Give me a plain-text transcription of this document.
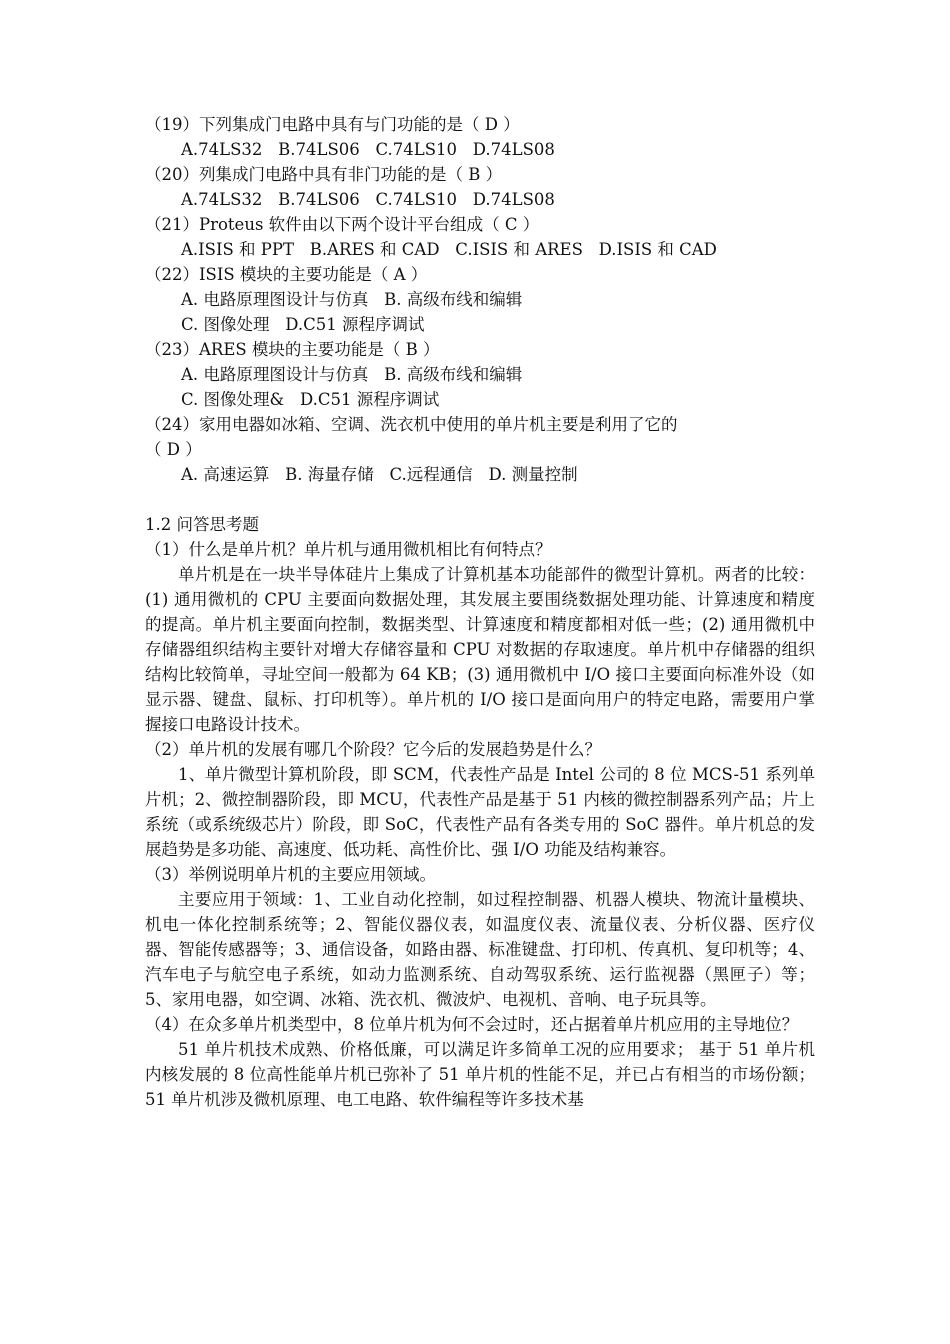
（19）下列集成门电路中具有与门功能的是（ D ）
A.74LS32   B.74LS06   C.74LS10   D.74LS08
（20）列集成门电路中具有非门功能的是（ B ）
A.74LS32   B.74LS06   C.74LS10   D.74LS08
（21）Proteus 软件由以下两个设计平台组成（ C ）
A.ISIS 和 PPT   B.ARES 和 CAD   C.ISIS 和 ARES   D.ISIS 和 CAD
（22）ISIS 模块的主要功能是（ A ）
A. 电路原理图设计与仿真   B. 高级布线和编辑
C. 图像处理   D.C51 源程序调试
（23）ARES 模块的主要功能是（ B ）
A. 电路原理图设计与仿真   B. 高级布线和编辑
C. 图像处理&   D.C51 源程序调试
（24）家用电器如冰箱、空调、洗衣机中使用的单片机主要是利用了它的
（ D ）
A. 高速运算   B. 海量存储   C.远程通信   D. 测量控制
1.2 问答思考题
（1）什么是单片机？单片机与通用微机相比有何特点？
单片机是在一块半导体硅片上集成了计算机基本功能部件的微型计算机。两者的比较：(1) 通用微机的 CPU 主要面向数据处理，其发展主要围绕数据处理功能、计算速度和精度的提高。单片机主要面向控制，数据类型、计算速度和精度都相对低一些；(2) 通用微机中存储器组织结构主要针对增大存储容量和 CPU 对数据的存取速度。单片机中存储器的组织结构比较简单，寻址空间一般都为 64 KB；(3) 通用微机中 I/O 接口主要面向标准外设（如显示器、键盘、鼠标、打印机等）。单片机的 I/O 接口是面向用户的特定电路，需要用户掌握接口电路设计技术。
（2）单片机的发展有哪几个阶段？它今后的发展趋势是什么？
1、单片微型计算机阶段，即 SCM，代表性产品是 Intel 公司的 8 位 MCS-51 系列单片机；2、微控制器阶段，即 MCU，代表性产品是基于 51 内核的微控制器系列产品；片上系统（或系统级芯片）阶段，即 SoC，代表性产品有各类专用的 SoC 器件。单片机总的发展趋势是多功能、高速度、低功耗、高性价比、强 I/O 功能及结构兼容。
（3）举例说明单片机的主要应用领域。
主要应用于领域：1、工业自动化控制，如过程控制器、机器人模块、物流计量模块、机电一体化控制系统等；2、智能仪器仪表，如温度仪表、流量仪表、分析仪器、医疗仪器、智能传感器等；3、通信设备，如路由器、标准键盘、打印机、传真机、复印机等；4、汽车电子与航空电子系统，如动力监测系统、自动驾驭系统、运行监视器（黑匣子）等；5、家用电器，如空调、冰箱、洗衣机、微波炉、电视机、音响、电子玩具等。
（4）在众多单片机类型中，8 位单片机为何不会过时，还占据着单片机应用的主导地位？
51 单片机技术成熟、价格低廉，可以满足许多简单工况的应用要求； 基于 51 单片机内核发展的 8 位高性能单片机已弥补了 51 单片机的性能不足，并已占有相当的市场份额；51 单片机涉及微机原理、电工电路、软件编程等许多技术基
